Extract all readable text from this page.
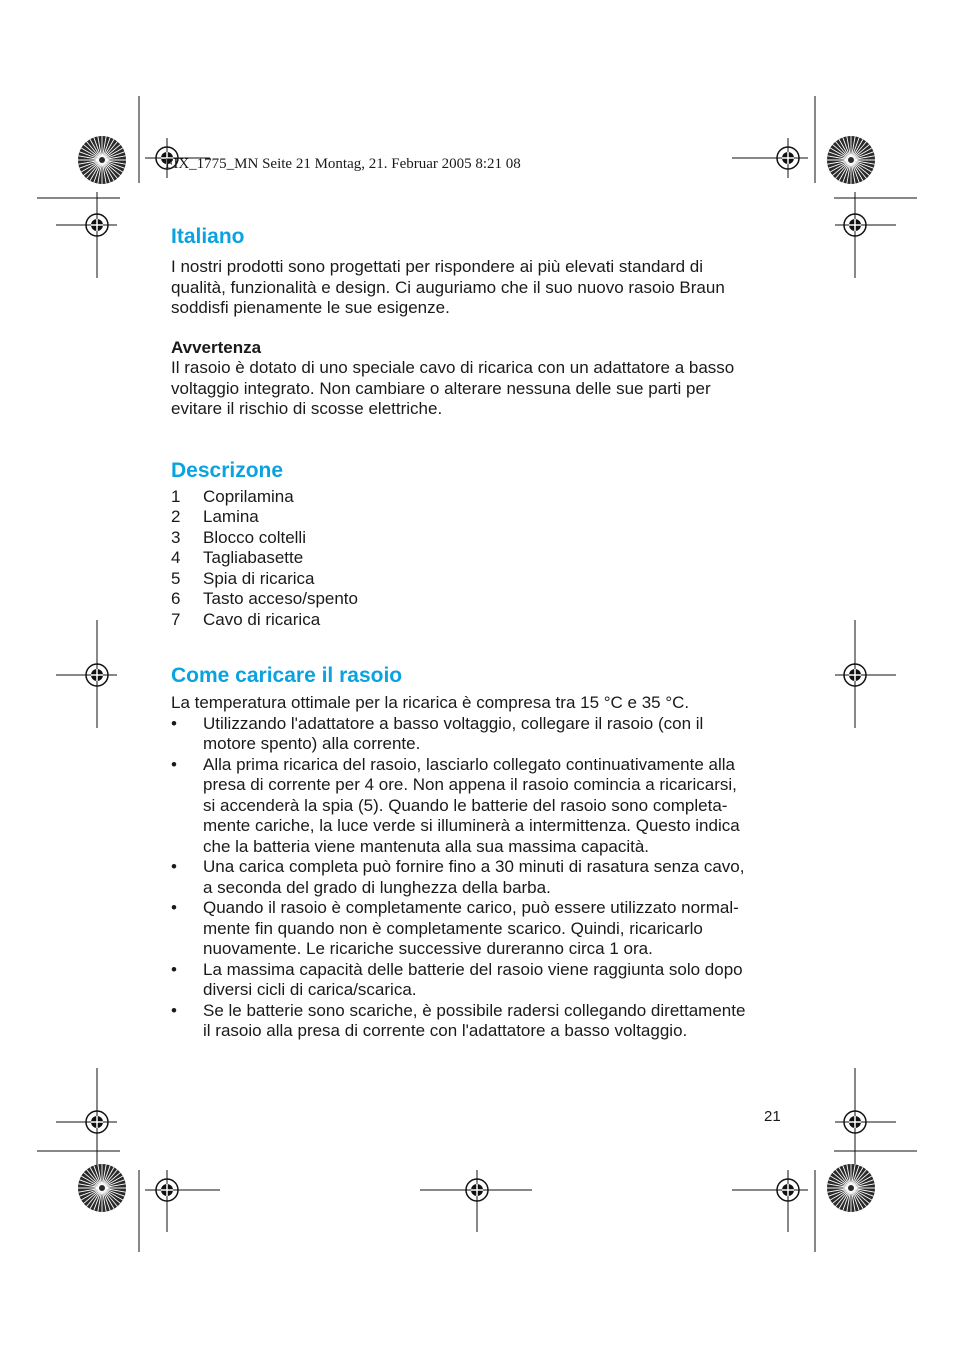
FIX_1775_MN Seite 21 Montag, 21. Februar 2005 8:21 08
Italiano
I nostri prodotti sono progettati per rispondere ai più elevati standard di
qualità, funzionalità e design. Ci auguriamo che il suo nuovo rasoio Braun
soddisfi pienamente le sue esigenze.
Avvertenza
Il rasoio è dotato di uno speciale cavo di ricarica con un adattatore a basso
voltaggio integrato. Non cambiare o alterare nessuna delle sue parti per
evitare il rischio di scosse elettriche.
Descrizone
1	Coprilamina
2	Lamina
3	Blocco coltelli
4	Tagliabasette
5	Spia di ricarica
6	Tasto acceso/spento
7	Cavo di ricarica
Come caricare il rasoio
La temperatura ottimale per la ricarica è compresa tra 15 °C e 35 °C.
•	Utilizzando l'adattatore a basso voltaggio, collegare il rasoio (con il
motore spento) alla corrente.
•	Alla prima ricarica del rasoio, lasciarlo collegato continuativamente alla
presa di corrente per 4 ore. Non appena il rasoio comincia a ricaricarsi,
si accenderà la spia (5). Quando le batterie del rasoio sono completa-
mente cariche, la luce verde si illuminerà a intermittenza. Questo indica
che la batteria viene mantenuta alla sua massima capacità.
•	Una carica completa può fornire fino a 30 minuti di rasatura senza cavo,
a seconda del grado di lunghezza della barba.
•	Quando il rasoio è completamente carico, può essere utilizzato normal-
mente fin quando non è completamente scarico. Quindi, ricaricarlo
nuovamente. Le ricariche successive dureranno circa 1 ora.
•	La massima capacità delle batterie del rasoio viene raggiunta solo dopo
diversi cicli di carica/scarica.
•	Se le batterie sono scariche, è possibile radersi collegando direttamente
il rasoio alla presa di corrente con l'adattatore a basso voltaggio.
21
